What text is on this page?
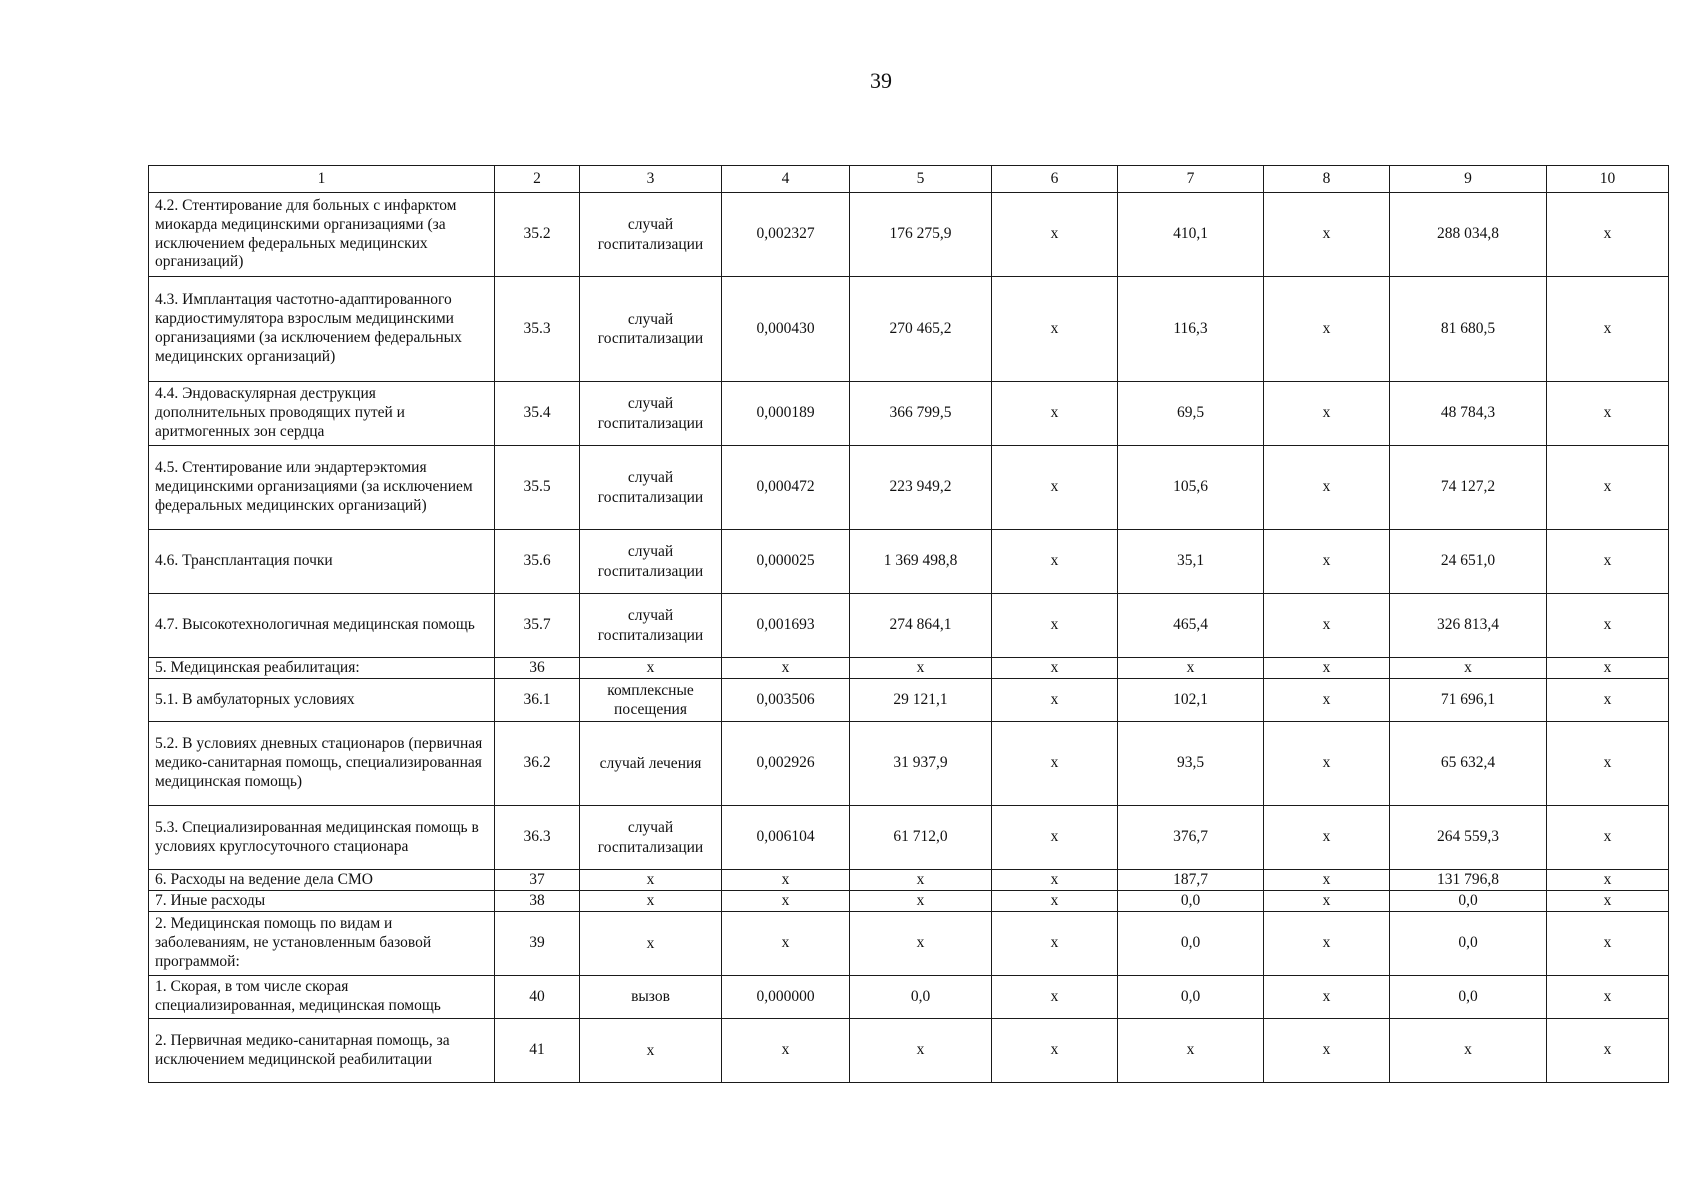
39
1	2	3	4	5	6	7	8	9	10
4.2. Стентирование для больных с инфарктом миокарда медицинскими организациями (за исключением федеральных медицинских организаций)	35.2	случай госпитализации	0,002327	176 275,9	х	410,1	х	288 034,8	х
4.3. Имплантация частотно-адаптированного кардиостимулятора взрослым медицинскими организациями (за исключением федеральных медицинских организаций)	35.3	случай госпитализации	0,000430	270 465,2	х	116,3	х	81 680,5	х
4.4. Эндоваскулярная деструкция дополнительных проводящих путей и аритмогенных зон сердца	35.4	случай госпитализации	0,000189	366 799,5	х	69,5	х	48 784,3	х
4.5. Стентирование или эндартерэктомия медицинскими организациями (за исключением федеральных медицинских организаций)	35.5	случай госпитализации	0,000472	223 949,2	х	105,6	х	74 127,2	х
4.6. Трансплантация почки	35.6	случай госпитализации	0,000025	1 369 498,8	х	35,1	х	24 651,0	х
4.7. Высокотехнологичная медицинская помощь	35.7	случай госпитализации	0,001693	274 864,1	х	465,4	х	326 813,4	х
5. Медицинская реабилитация:	36	х	х	х	х	х	х	х	х
5.1. В амбулаторных условиях	36.1	комплексные посещения	0,003506	29 121,1	х	102,1	х	71 696,1	х
5.2. В условиях дневных стационаров (первичная медико-санитарная помощь, специализированная медицинская помощь)	36.2	случай лечения	0,002926	31 937,9	х	93,5	х	65 632,4	х
5.3. Специализированная медицинская помощь в условиях круглосуточного стационара	36.3	случай госпитализации	0,006104	61 712,0	х	376,7	х	264 559,3	х
6. Расходы на ведение дела СМО	37	х	х	х	х	187,7	х	131 796,8	х
7. Иные расходы	38	х	х	х	х	0,0	х	0,0	х
2. Медицинская помощь по видам и заболеваниям, не установленным базовой программой:	39	х	х	х	х	0,0	х	0,0	х
1. Скорая, в том числе скорая специализированная, медицинская помощь	40	вызов	0,000000	0,0	х	0,0	х	0,0	х
2. Первичная медико-санитарная помощь, за исключением медицинской реабилитации	41	х	х	х	х	х	х	х	х
